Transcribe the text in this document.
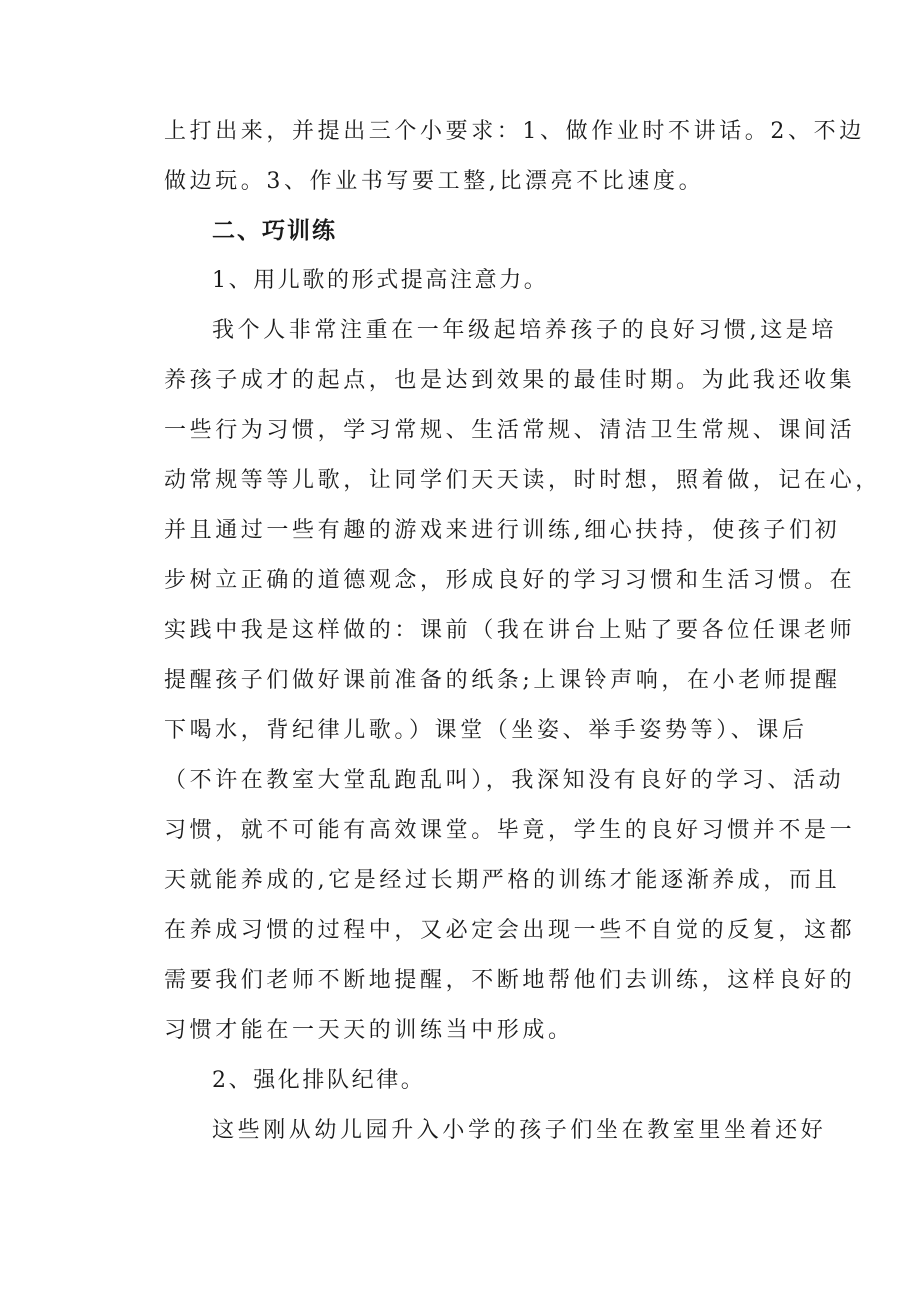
上打出来，并提出三个小要求：1、做作业时不讲话。2、不边
做边玩。3、作业书写要工整,比漂亮不比速度。
二、巧训练
1、用儿歌的形式提高注意力。
我个人非常注重在一年级起培养孩子的良好习惯,这是培
养孩子成才的起点，也是达到效果的最佳时期。为此我还收集
一些行为习惯，学习常规、生活常规、清洁卫生常规、课间活
动常规等等儿歌，让同学们天天读，时时想，照着做，记在心，
并且通过一些有趣的游戏来进行训练,细心扶持，使孩子们初
步树立正确的道德观念，形成良好的学习习惯和生活习惯。在
实践中我是这样做的：课前（我在讲台上贴了要各位任课老师
提醒孩子们做好课前准备的纸条;上课铃声响，在小老师提醒
下喝水，背纪律儿歌。）课堂（坐姿、举手姿势等）、课后
（不许在教室大堂乱跑乱叫），我深知没有良好的学习、活动
习惯，就不可能有高效课堂。毕竟，学生的良好习惯并不是一
天就能养成的,它是经过长期严格的训练才能逐渐养成，而且
在养成习惯的过程中，又必定会出现一些不自觉的反复，这都
需要我们老师不断地提醒，不断地帮他们去训练，这样良好的
习惯才能在一天天的训练当中形成。
2、强化排队纪律。
这些刚从幼儿园升入小学的孩子们坐在教室里坐着还好
